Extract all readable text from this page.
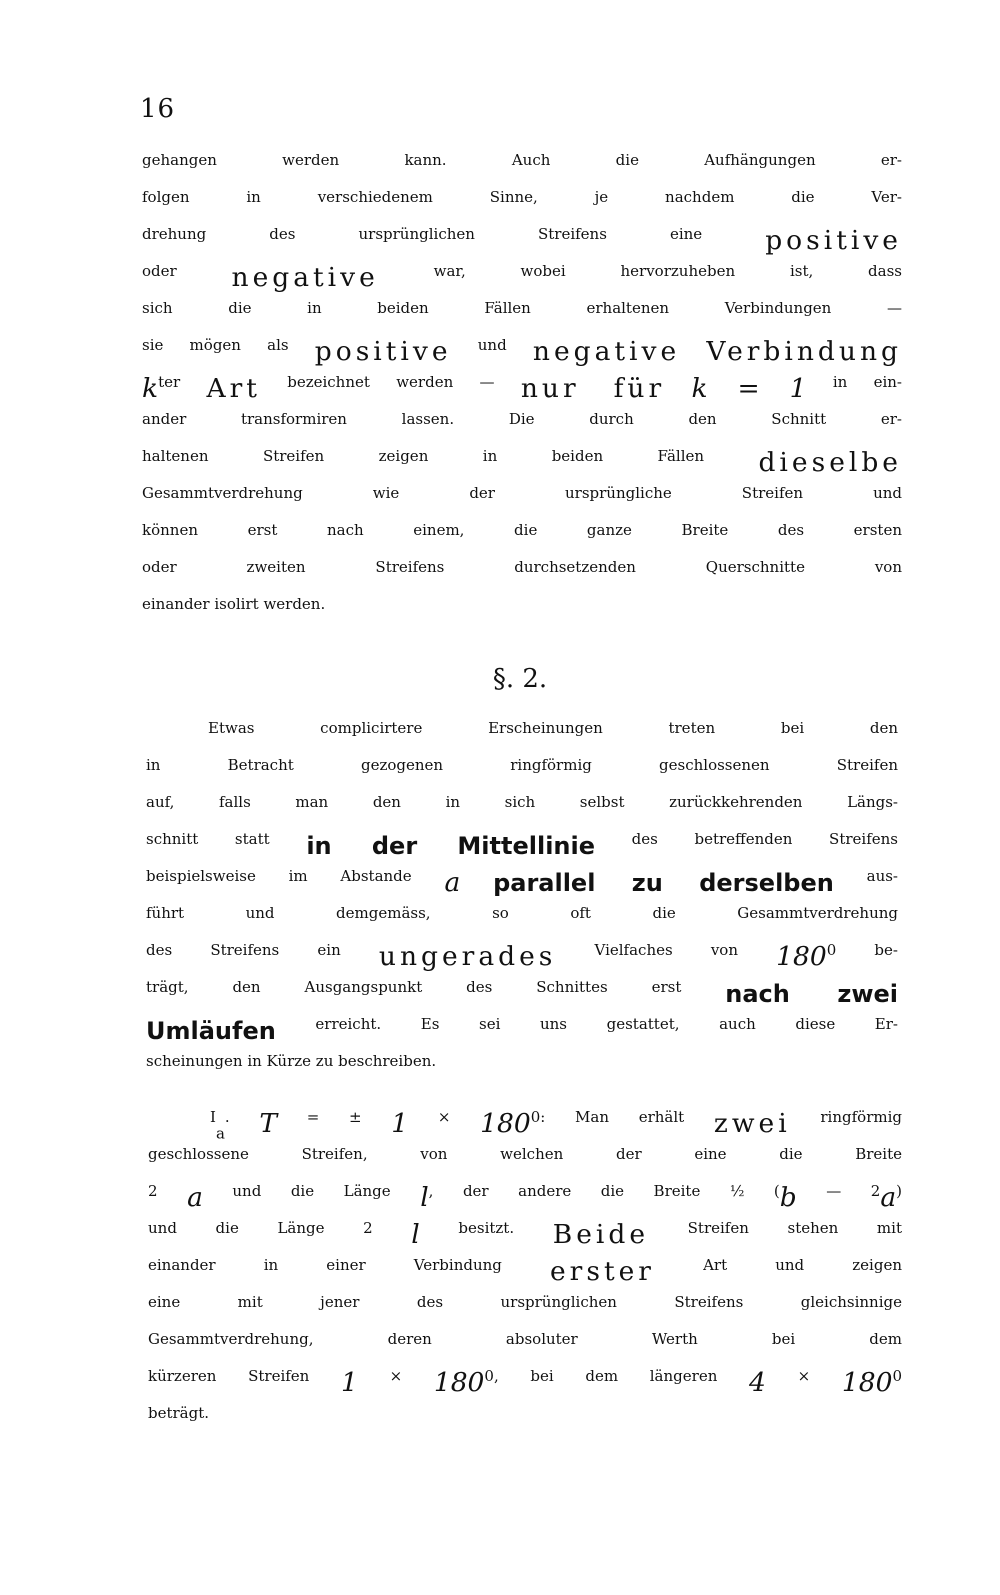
16
$^{gehangen werden kann. Auch die Aufhängungen er-}$
$^{folgen in verschiedenem Sinne, je nachdem die Ver-}$
$^{drehung des ursprünglichen Streifens eine}$ positive
$^{oder}$ negative $^{war, wobei hervorzuheben ist, dass}$
$^{sich die in beiden Fällen erhaltenen Verbindungen —}$
$^{sie mögen als}$ positive $^{und}$ negative Verbindung
$k^{ter}$ Art $^{bezeichnet werden —}$ nur für k = 1 $^{in ein-}$
$^{ander transformiren lassen. Die durch den Schnitt er-}$
$^{haltenen Streifen zeigen in beiden Fällen}$ dieselbe
$^{Gesammtverdrehung wie der ursprüngliche Streifen und}$
$^{können erst nach einem, die ganze Breite des ersten}$
$^{oder zweiten Streifens durchsetzenden Querschnitte von}$
$^{einander isolirt werden.}$
§. 2.
$^{Etwas complicirtere Erscheinungen treten bei den}$
$^{in Betracht gezogenen ringförmig geschlossenen Streifen}$
$^{auf, falls man den in sich selbst zurückkehrenden Längs-}$
$^{schnitt statt}$ in der Mittellinie $^{des betreffenden Streifens}$
$^{beispielsweise im Abstande}$ a parallel zu derselben $^{aus-}$
$^{führt und demgemäss, so oft die Gesammtverdrehung}$
$^{des Streifens ein}$ ungerades $^{Vielfaches von}$ $180^0$ $^{be-}$
$^{trägt, den Ausgangspunkt des Schnittes erst}$ nach zwei
Umläufen $^{erreicht. Es sei uns gestattet, auch diese Er-}$
$^{scheinungen in Kürze zu beschreiben.}$
$^I_a$. T = ± 1 × $180^{0: Man erhält}$ zwei $^{ringförmig}$
$^{geschlossene Streifen, von welchen der eine die Breite}$
$^2$ a $^{und die Länge}$ $l^{, der andere die Breite \frac{1}{2} (}b$ $^{— 2}$a)
$^{und die Länge 2}$ l $^{besitzt.}$ Beide $^{Streifen stehen mit}$
$^{einander in einer Verbindung}$ erster $^{Art und zeigen}$
$^{eine mit jener des ursprünglichen Streifens gleichsinnige}$
$^{Gesammtverdrehung, deren absoluter Werth bei dem}$
$^{kürzeren Streifen}$ 1 × $180^{0, bei dem längeren}$ 4 × $180^0$
$^{beträgt.}$
